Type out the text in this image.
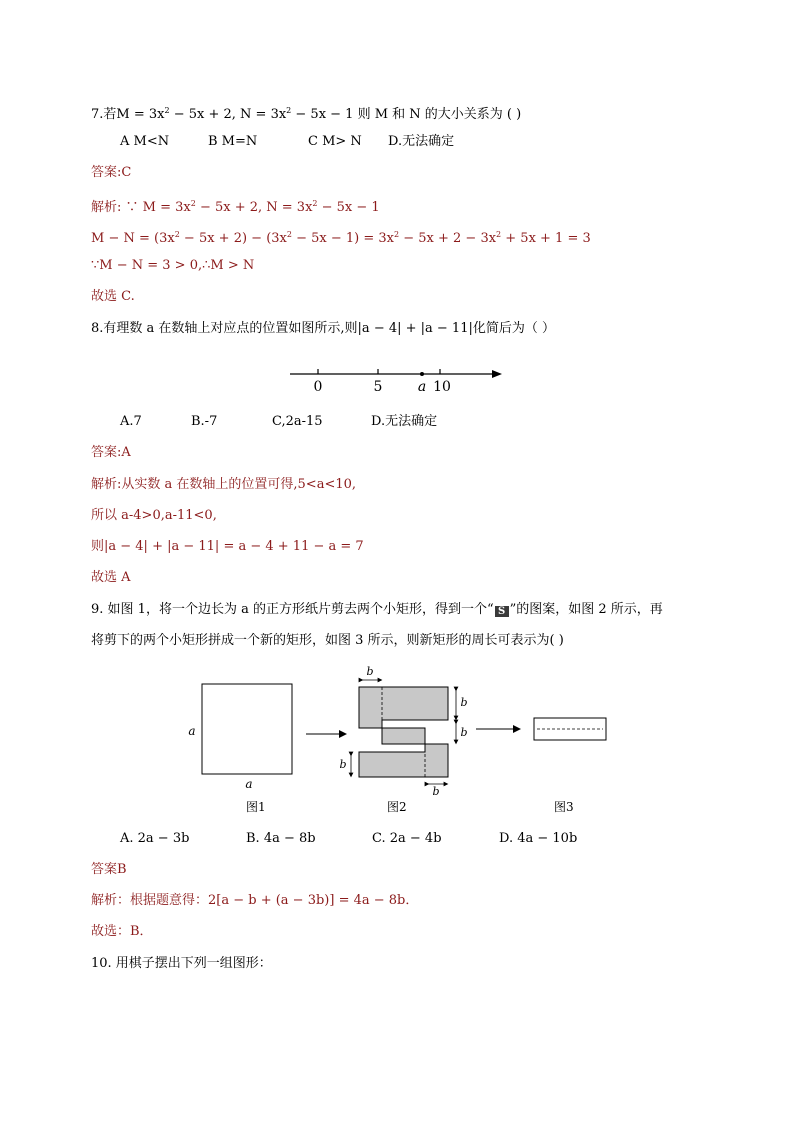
7.若$M = 3x^2 - 5x + 2$, $N = 3x^2 - 5x - 1$ 则 M 和 N 的大小关系为 ( )
A M<N	B M=N	C M> N D.无法确定
答案:C
解析: ∵ $M = 3x^2 - 5x + 2$, $N = 3x^2 - 5x - 1$
$M - N = (3x^2 - 5x + 2) - (3x^2 - 5x - 1) = 3x^2 - 5x + 2 - 3x^2 + 5x + 1 = 3$
∵M − N = 3 > 0,∴M > N
故选 C.
8.有理数 a 在数轴上对应点的位置如图所示,则|a − 4| + |a − 11|化简后为（ ）
0	5	a 10
A.7	B.-7	C,2a-15	D.无法确定
答案:A
解析:从实数 a 在数轴上的位置可得,5<a<10,
所以 a-4>0,a-11<0,
则|a − 4| + |a − 11| = a − 4 + 11 − a = 7
故选 A
9. 如图 1，将一个边长为 a 的正方形纸片剪去两个小矩形，得到一个“ S ”的图案，如图 2 所示，再
将剪下的两个小矩形拼成一个新的矩形，如图 3 所示，则新矩形的周长可表示为( )
a
a
b
b
b
b
b
图1	图2	图3
A. 2a − 3b	B. 4a − 8b	C. 2a − 4b	D. 4a − 10b
答案B
解析：根据题意得：2[a − b + (a − 3b)] = 4a − 8b．
故选：B．
10. 用棋子摆出下列一组图形：
